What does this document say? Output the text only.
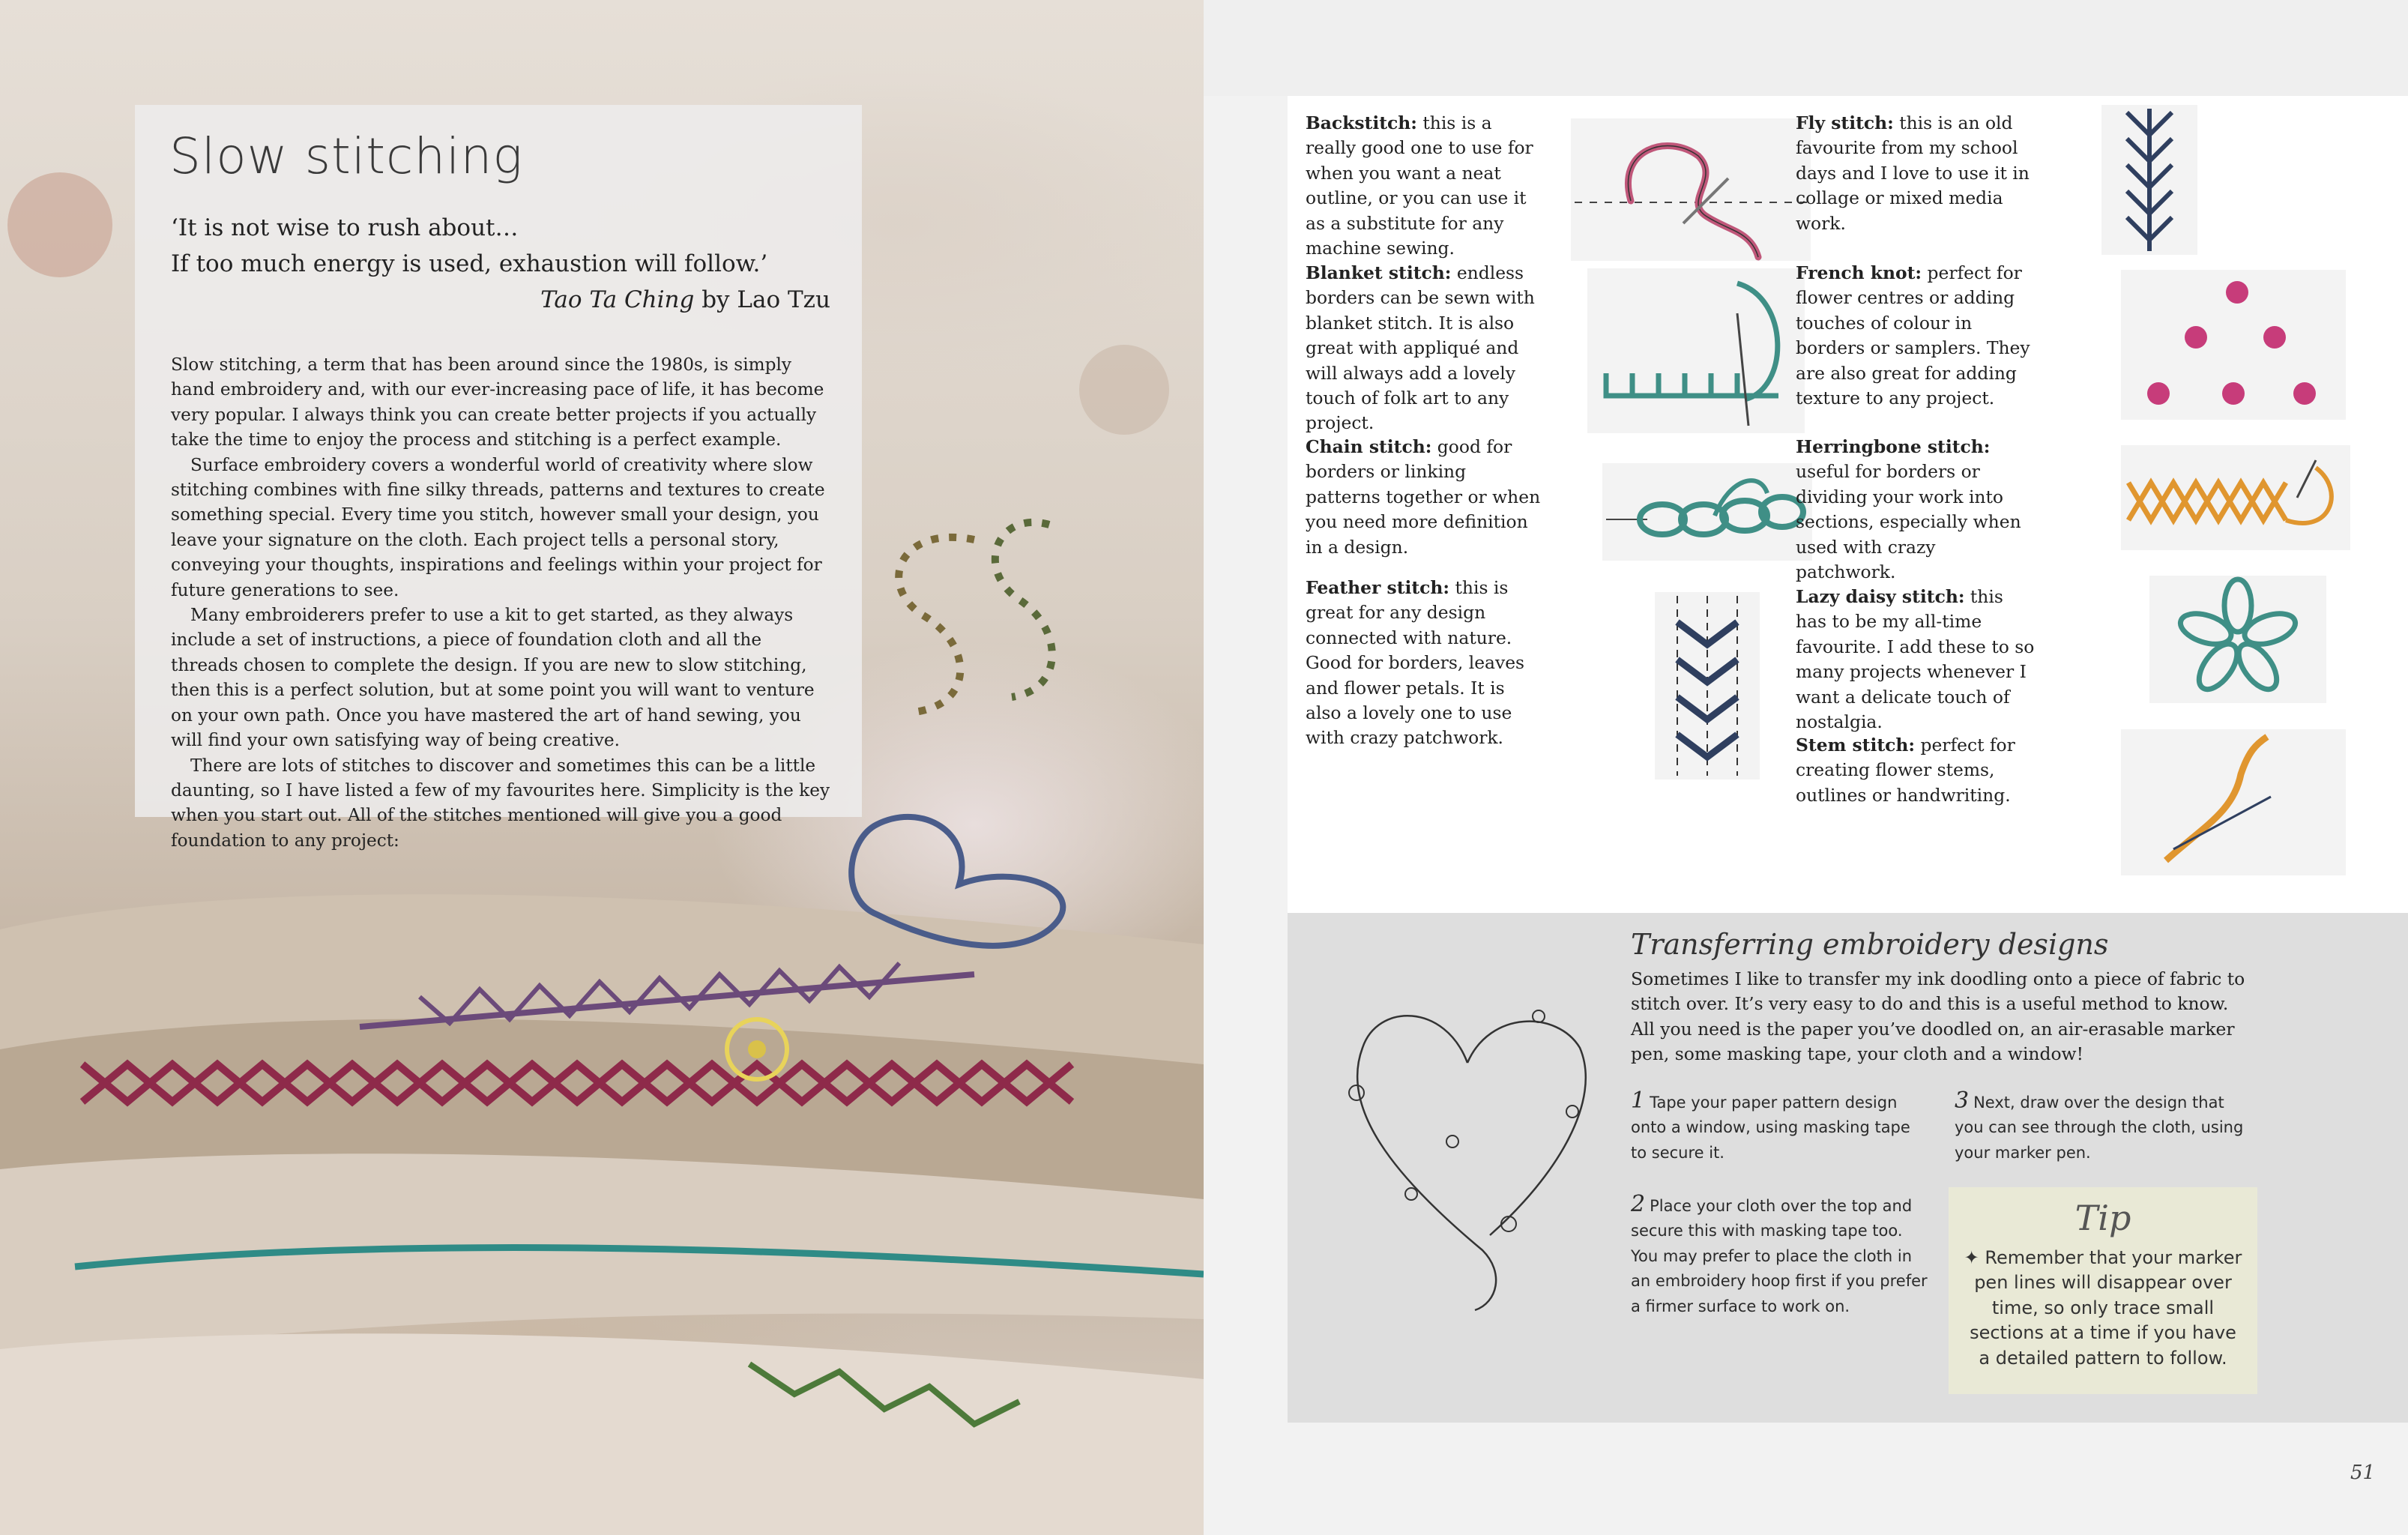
Slow stitching
‘It is not wise to rush about…
If too much energy is used, exhaustion will follow.’
Tao Ta Ching by Lao Tzu

Slow stitching, a term that has been around since the 1980s, is simply hand embroidery and, with our ever-increasing pace of life, it has become very popular. I always think you can create better projects if you actually take the time to enjoy the process and stitching is a perfect example.

Surface embroidery covers a wonderful world of creativity where slow stitching combines with fine silky threads, patterns and textures to create something special. Every time you stitch, however small your design, you leave your signature on the cloth. Each project tells a personal story, conveying your thoughts, inspirations and feelings within your project for future generations to see.

Many embroiderers prefer to use a kit to get started, as they always include a set of instructions, a piece of foundation cloth and all the threads chosen to complete the design. If you are new to slow stitching, then this is a perfect solution, but at some point you will want to venture on your own path. Once you have mastered the art of hand sewing, you will find your own satisfying way of being creative.

There are lots of stitches to discover and sometimes this can be a little daunting, so I have listed a few of my favourites here. Simplicity is the key when you start out. All of the stitches mentioned will give you a good foundation to any project:

Backstitch: this is a really good one to use for when you want a neat outline, or you can use it as a substitute for any machine sewing.
Blanket stitch: endless borders can be sewn with blanket stitch. It is also great with appliqué and will always add a lovely touch of folk art to any project.
Chain stitch: good for borders or linking patterns together or when you need more definition in a design.
Feather stitch: this is great for any design connected with nature. Good for borders, leaves and flower petals. It is also a lovely one to use with crazy patchwork.
Fly stitch: this is an old favourite from my school days and I love to use it in collage or mixed media work.
French knot: perfect for flower centres or adding touches of colour in borders or samplers. They are also great for adding texture to any project.
Herringbone stitch: useful for borders or dividing your work into sections, especially when used with crazy patchwork.
Lazy daisy stitch: this has to be my all-time favourite. I add these to so many projects whenever I want a delicate touch of nostalgia.
Stem stitch: perfect for creating flower stems, outlines or handwriting.
Transferring embroidery designs
Sometimes I like to transfer my ink doodling onto a piece of fabric to stitch over. It’s very easy to do and this is a useful method to know. All you need is the paper you’ve doodled on, an air-erasable marker pen, some masking tape, your cloth and a window!
1 Tape your paper pattern design onto a window, using masking tape to secure it.
2 Place your cloth over the top and secure this with masking tape too. You may prefer to place the cloth in an embroidery hoop first if you prefer a firmer surface to work on.
3 Next, draw over the design that you can see through the cloth, using your marker pen.
Tip
✦ Remember that your marker pen lines will disappear over time, so only trace small sections at a time if you have a detailed pattern to follow.
51
